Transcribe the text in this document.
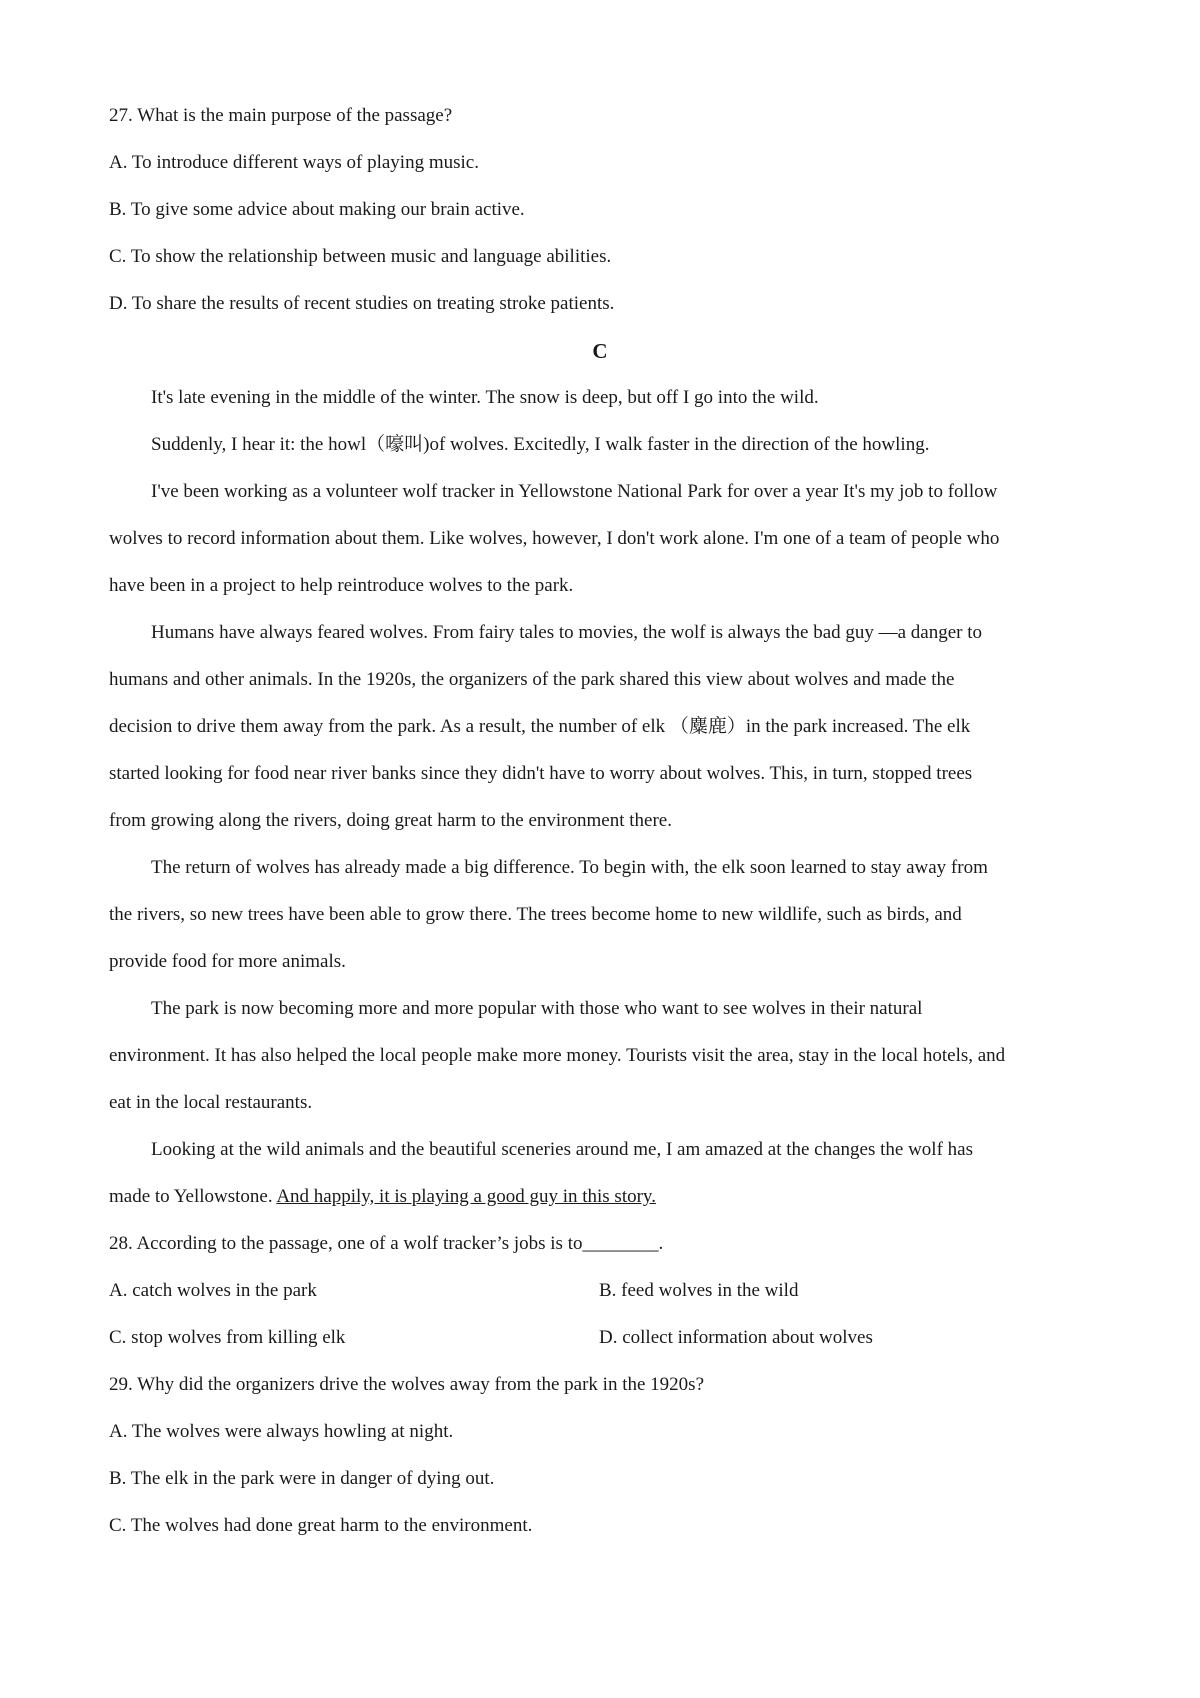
27. What is the main purpose of the passage?
A. To introduce different ways of playing music.
B. To give some advice about making our brain active.
C. To show the relationship between music and language abilities.
D. To share the results of recent studies on treating stroke patients.
C
It's late evening in the middle of the winter. The snow is deep, but off I go into the wild.
Suddenly, I hear it: the howl（嚎叫)of wolves. Excitedly, I walk faster in the direction of the howling.
I've been working as a volunteer wolf tracker in Yellowstone National Park for over a year It's my job to follow
wolves to record information about them. Like wolves, however, I don't work alone. I'm one of a team of people who
have been in a project to help reintroduce wolves to the park.
Humans have always feared wolves. From fairy tales to movies, the wolf is always the bad guy —a danger to
humans and other animals. In the 1920s, the organizers of the park shared this view about wolves and made the
decision to drive them away from the park. As a result, the number of elk （麋鹿）in the park increased. The elk
started looking for food near river banks since they didn't have to worry about wolves. This, in turn, stopped trees
from growing along the rivers, doing great harm to the environment there.
The return of wolves has already made a big difference. To begin with, the elk soon learned to stay away from
the rivers, so new trees have been able to grow there. The trees become home to new wildlife, such as birds, and
provide food for more animals.
The park is now becoming more and more popular with those who want to see wolves in their natural
environment. It has also helped the local people make more money. Tourists visit the area, stay in the local hotels, and
eat in the local restaurants.
Looking at the wild animals and the beautiful sceneries around me, I am amazed at the changes the wolf has
made to Yellowstone. And happily, it is playing a good guy in this story.
28. According to the passage, one of a wolf tracker’s jobs is to________.
A. catch wolves in the park	B. feed wolves in the wild
C. stop wolves from killing elk	D. collect information about wolves
29. Why did the organizers drive the wolves away from the park in the 1920s?
A. The wolves were always howling at night.
B. The elk in the park were in danger of dying out.
C. The wolves had done great harm to the environment.
